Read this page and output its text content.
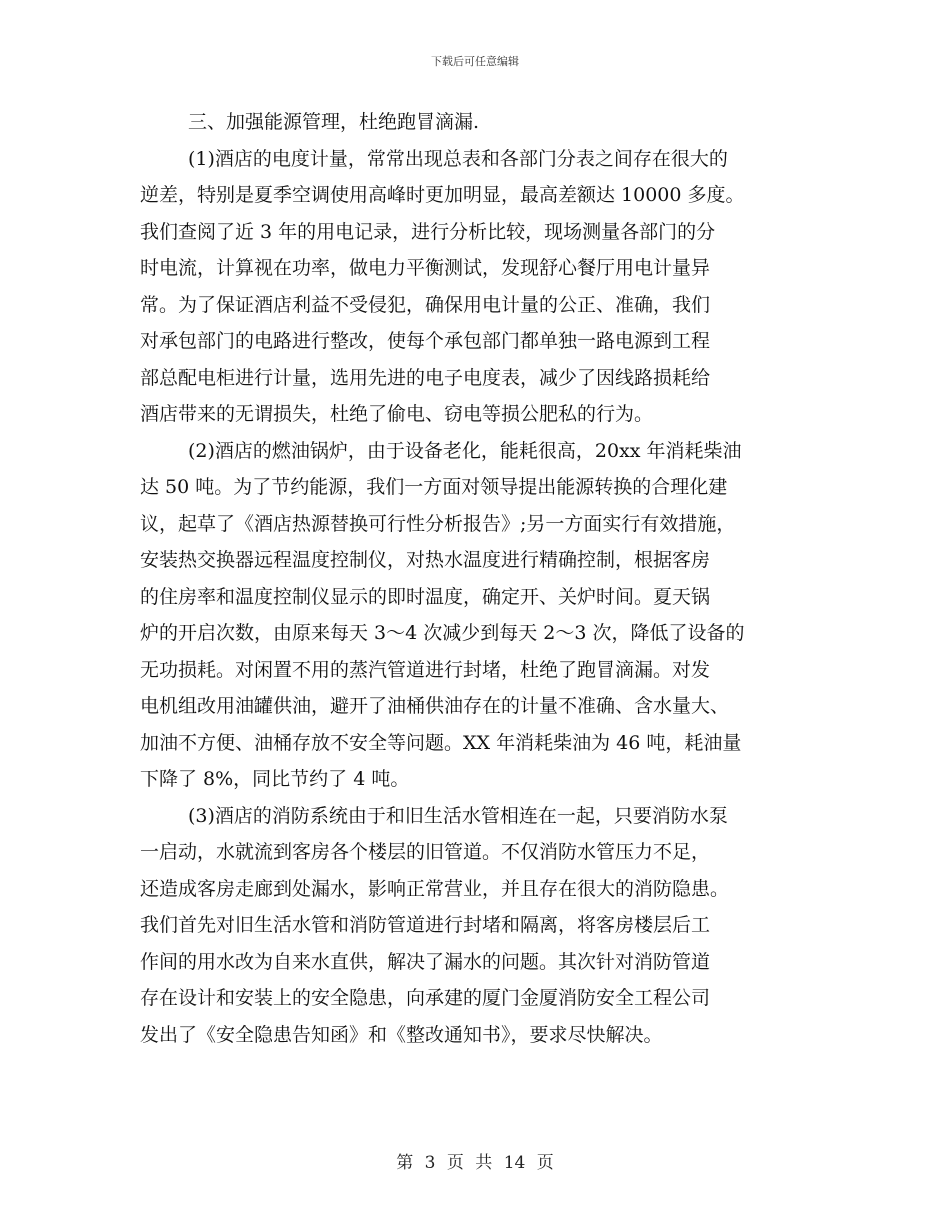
下载后可任意编辑
三、加强能源管理，杜绝跑冒滴漏.
(1)酒店的电度计量，常常出现总表和各部门分表之间存在很大的
逆差，特别是夏季空调使用高峰时更加明显，最高差额达 10000 多度。
我们查阅了近 3 年的用电记录，进行分析比较，现场测量各部门的分
时电流，计算视在功率，做电力平衡测试，发现舒心餐厅用电计量异
常。为了保证酒店利益不受侵犯，确保用电计量的公正、准确，我们
对承包部门的电路进行整改，使每个承包部门都单独一路电源到工程
部总配电柜进行计量，选用先进的电子电度表，减少了因线路损耗给
酒店带来的无谓损失，杜绝了偷电、窃电等损公肥私的行为。
(2)酒店的燃油锅炉，由于设备老化，能耗很高，20xx 年消耗柴油
达 50 吨。为了节约能源，我们一方面对领导提出能源转换的合理化建
议，起草了《酒店热源替换可行性分析报告》;另一方面实行有效措施，
安装热交换器远程温度控制仪，对热水温度进行精确控制，根据客房
的住房率和温度控制仪显示的即时温度，确定开、关炉时间。夏天锅
炉的开启次数，由原来每天 3～4 次减少到每天 2～3 次，降低了设备的
无功损耗。对闲置不用的蒸汽管道进行封堵，杜绝了跑冒滴漏。对发
电机组改用油罐供油，避开了油桶供油存在的计量不准确、含水量大、
加油不方便、油桶存放不安全等问题。XX 年消耗柴油为 46 吨，耗油量
下降了 8%，同比节约了 4 吨。
(3)酒店的消防系统由于和旧生活水管相连在一起，只要消防水泵
一启动，水就流到客房各个楼层的旧管道。不仅消防水管压力不足，
还造成客房走廊到处漏水，影响正常营业，并且存在很大的消防隐患。
我们首先对旧生活水管和消防管道进行封堵和隔离，将客房楼层后工
作间的用水改为自来水直供，解决了漏水的问题。其次针对消防管道
存在设计和安装上的安全隐患，向承建的厦门金厦消防安全工程公司
发出了《安全隐患告知函》和《整改通知书》，要求尽快解决。
第 3 页 共 14 页
